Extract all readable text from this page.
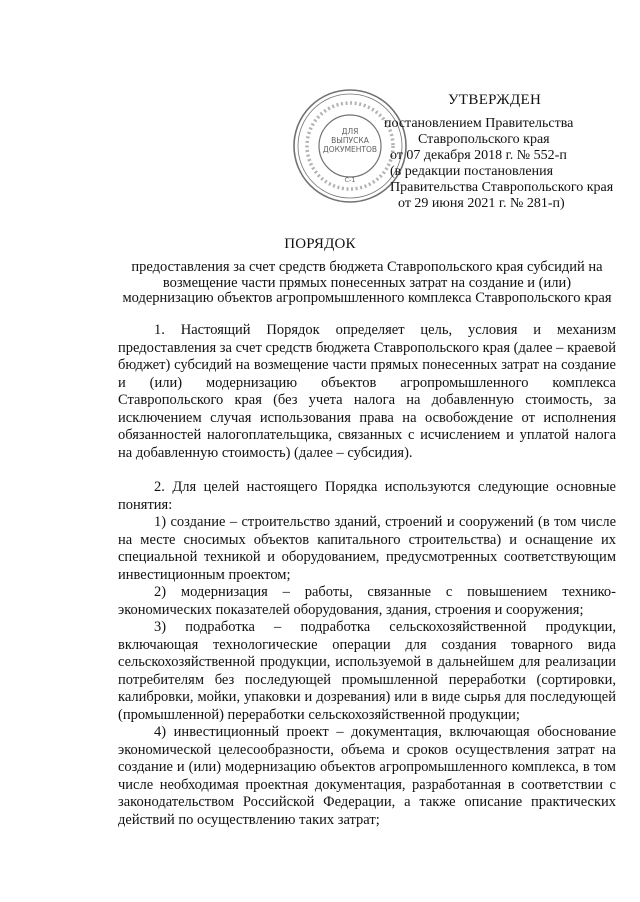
ДЛЯ
ВЫПУСКА
ДОКУМЕНТОВ
С-1
УТВЕРЖДЕН
постановлением Правительства
Ставропольского края
от 07 декабря 2018 г. № 552-п
(в редакции постановления
Правительства Ставропольского края
от 29 июня 2021 г. № 281-п)
ПОРЯДОК
предоставления за счет средств бюджета Ставропольского края субсидий на возмещение части прямых понесенных затрат на создание и (или) модернизацию объектов агропромышленного комплекса Ставропольского края

1. Настоящий Порядок определяет цель, условия и механизм предоставления за счет средств бюджета Ставропольского края (далее – краевой бюджет) субсидий на возмещение части прямых понесенных затрат на создание и (или) модернизацию объектов агропромышленного комплекса Ставропольского края (без учета налога на добавленную стоимость, за исключением случая использования права на освобождение от исполнения обязанностей налогоплательщика, связанных с исчислением и уплатой налога на добавленную стоимость) (далее – субсидия).

2. Для целей настоящего Порядка используются следующие основные понятия:

1) создание – строительство зданий, строений и сооружений (в том числе на месте сносимых объектов капитального строительства) и оснащение их специальной техникой и оборудованием, предусмотренных соответствующим инвестиционным проектом;

2) модернизация – работы, связанные с повышением технико-экономических показателей оборудования, здания, строения и сооружения;

3) подработка – подработка сельскохозяйственной продукции, включающая технологические операции для создания товарного вида сельскохозяйственной продукции, используемой в дальнейшем для реализации потребителям без последующей промышленной переработки (сортировки, калибровки, мойки, упаковки и дозревания) или в виде сырья для последующей (промышленной) переработки сельскохозяйственной продукции;

4) инвестиционный проект – документация, включающая обоснование экономической целесообразности, объема и сроков осуществления затрат на создание и (или) модернизацию объектов агропромышленного комплекса, в том числе необходимая проектная документация, разработанная в соответствии с законодательством Российской Федерации, а также описание практических действий по осуществлению таких затрат;
